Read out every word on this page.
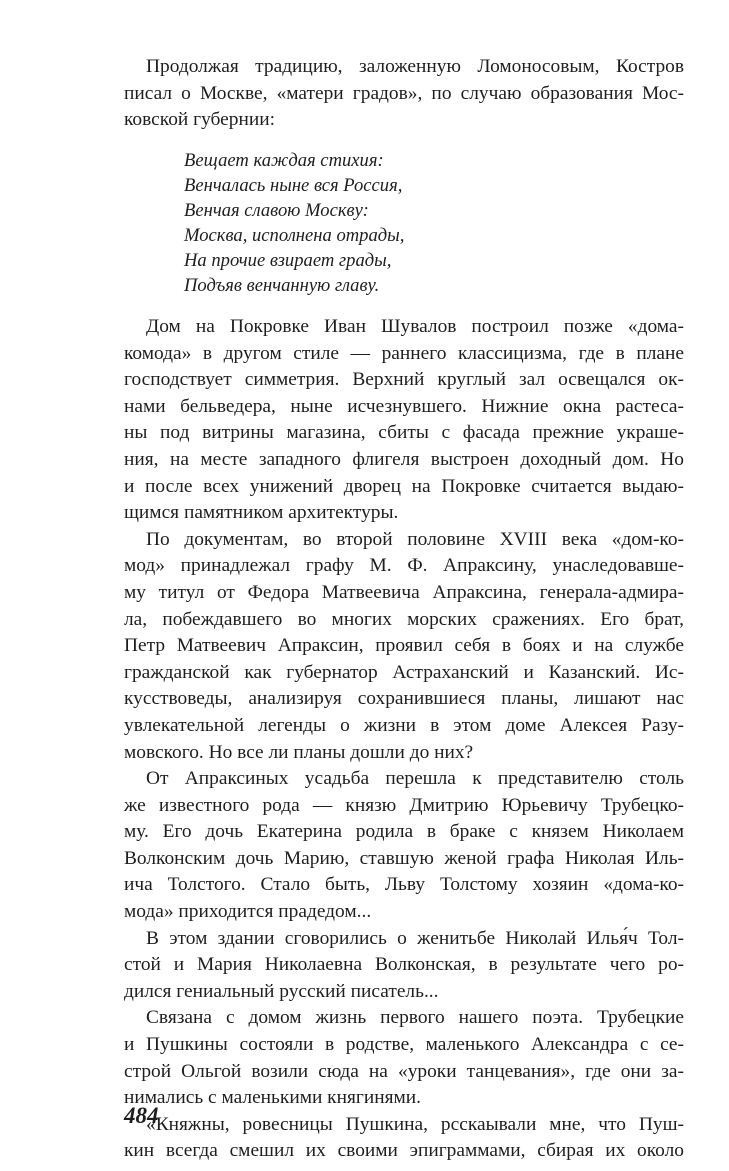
Продолжая традицию, заложенную Ломоносовым, Костров
писал о Москве, «матери градов», по случаю образования Мос-
ковской губернии:
Вещает каждая стихия:
Венчалась ныне вся Россия,
Венчая славою Москву:
Москва, исполнена отрады,
На прочие взирает грады,
Подъяв венчанную главу.
Дом на Покровке Иван Шувалов построил позже «дома-
комода» в другом стиле — раннего классицизма, где в плане
господствует симметрия. Верхний круглый зал освещался ок-
нами бельведера, ныне исчезнувшего. Нижние окна растеса-
ны под витрины магазина, сбиты с фасада прежние украше-
ния, на месте западного флигеля выстроен доходный дом. Но
и после всех унижений дворец на Покровке считается выдаю-
щимся памятником архитектуры.
По документам, во второй половине XVIII века «дом-ко-
мод» принадлежал графу М. Ф. Апраксину, унаследовавше-
му титул от Федора Матвеевича Апраксина, генерала-адмира-
ла, побеждавшего во многих морских сражениях. Его брат,
Петр Матвеевич Апраксин, проявил себя в боях и на службе
гражданской как губернатор Астраханский и Казанский. Ис-
кусствоведы, анализируя сохранившиеся планы, лишают нас
увлекательной легенды о жизни в этом доме Алексея Разу-
мовского. Но все ли планы дошли до них?
От Апраксиных усадьба перешла к представителю столь
же известного рода — князю Дмитрию Юрьевичу Трубецко-
му. Его дочь Екатерина родила в браке с князем Николаем
Волконским дочь Марию, ставшую женой графа Николая Иль-
ича Толстого. Стало быть, Льву Толстому хозяин «дома-ко-
мода» приходится прадедом...
В этом здании сговорились о женитьбе Николай Илья́ч Тол-
стой и Мария Николаевна Волконская, в результате чего ро-
дился гениальный русский писатель...
Связана с домом жизнь первого нашего поэта. Трубецкие
и Пушкины состояли в родстве, маленького Александра с се-
строй Ольгой возили сюда на «уроки танцевания», где они за-
нимались с маленькими княгинями.
«Княжны, ровесницы Пушкина, рсскаывали мне, что Пуш-
кин всегда смешил их своими эпиграммами, сбирая их около
484
